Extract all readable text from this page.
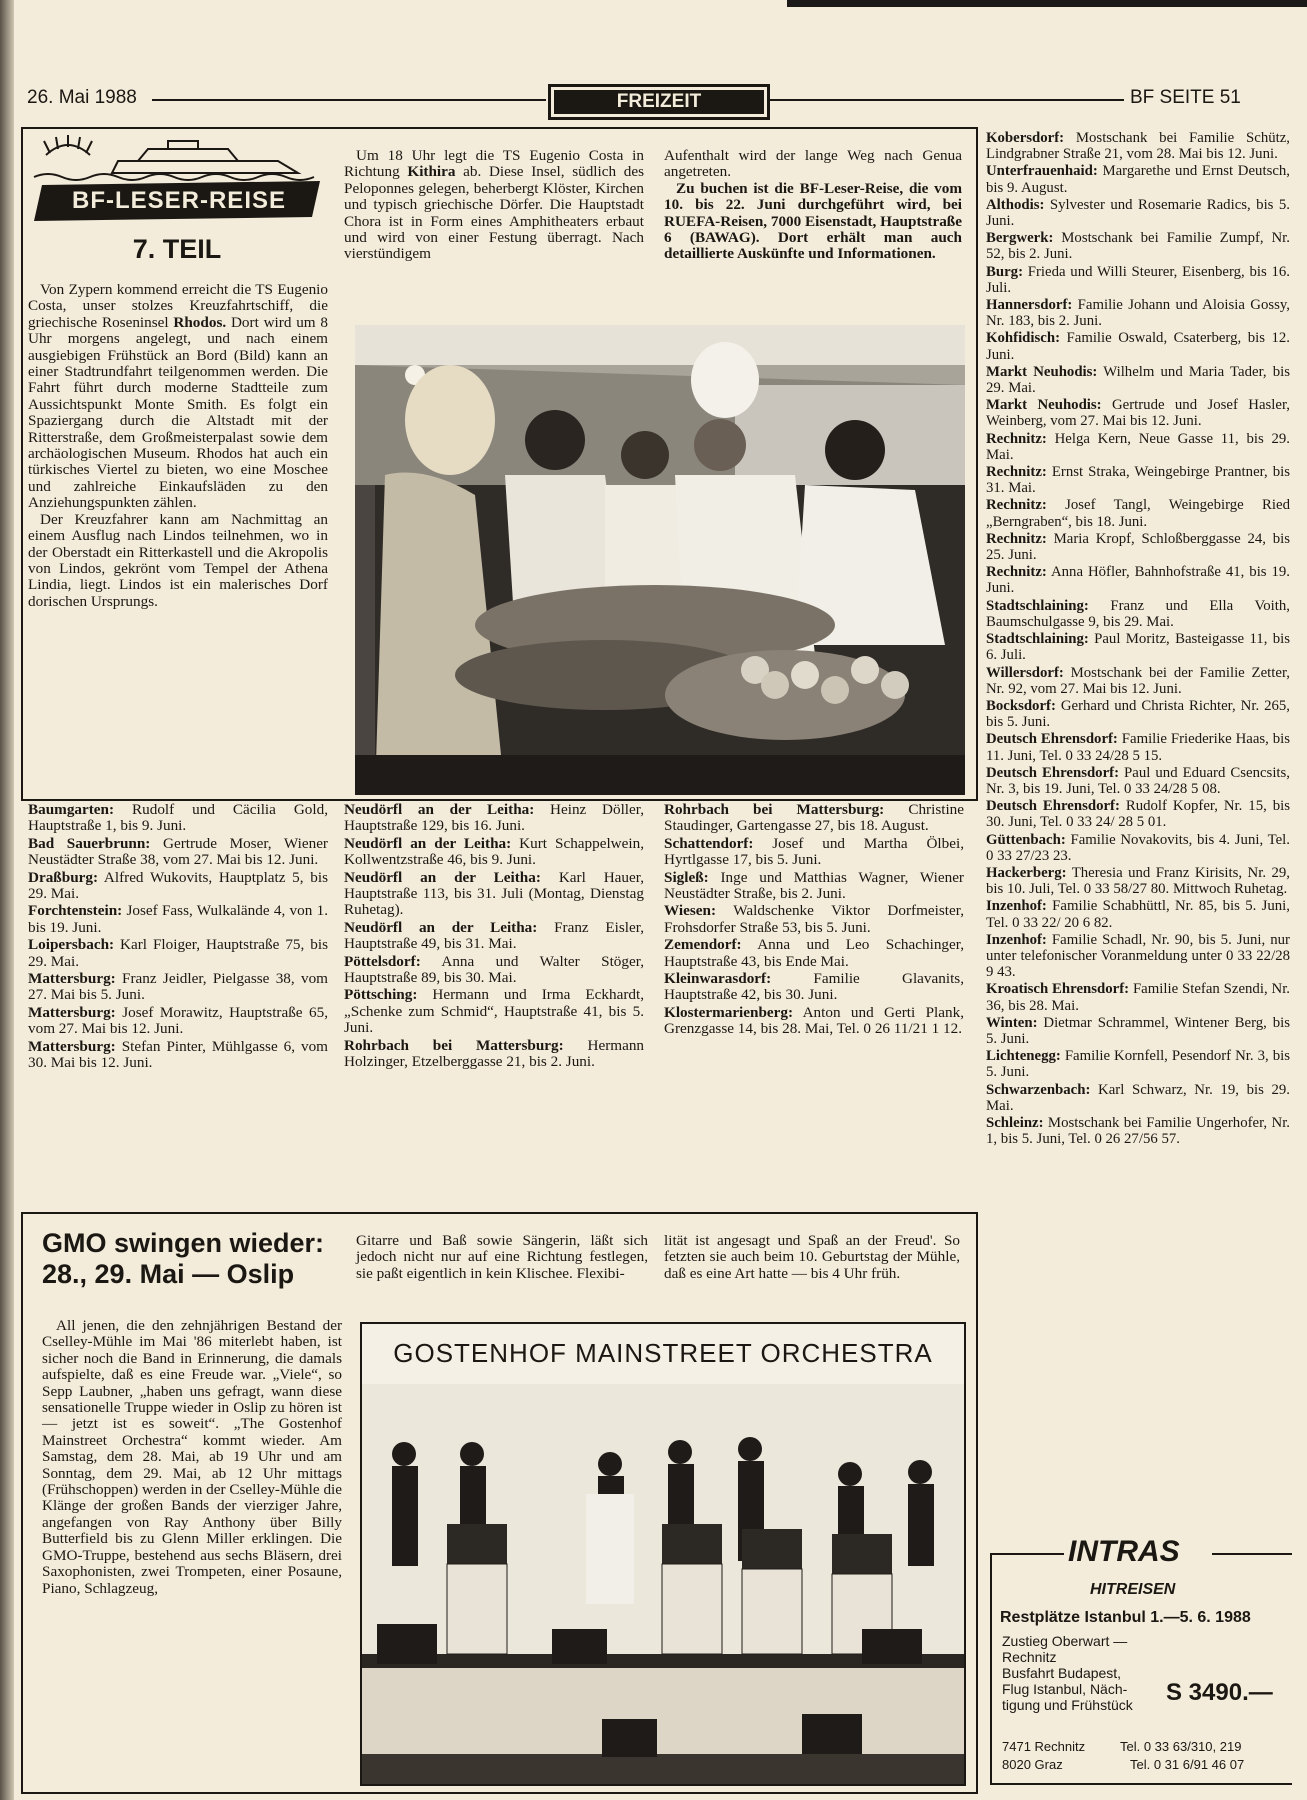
26. Mai 1988	FREIZEIT	BF SEITE 51
BF-LESER-REISE
7. TEIL

Von Zypern kommend erreicht die TS Eugenio Costa, unser stolzes Kreuzfahrtschiff, die griechische Roseninsel Rhodos. Dort wird um 8 Uhr morgens angelegt, und nach einem ausgiebigen Frühstück an Bord (Bild) kann an einer Stadtrundfahrt teilgenommen werden. Die Fahrt führt durch moderne Stadtteile zum Aussichtspunkt Monte Smith. Es folgt ein Spaziergang durch die Altstadt mit der Ritterstraße, dem Großmeisterpalast sowie dem archäologischen Museum. Rhodos hat auch ein türkisches Viertel zu bieten, wo eine Moschee und zahlreiche Einkaufsläden zu den Anziehungspunkten zählen.

Der Kreuzfahrer kann am Nachmittag an einem Ausflug nach Lindos teilnehmen, wo in der Oberstadt ein Ritterkastell und die Akropolis von Lindos, gekrönt vom Tempel der Athena Lindia, liegt. Lindos ist ein malerisches Dorf dorischen Ursprungs.

Um 18 Uhr legt die TS Eugenio Costa in Richtung Kithira ab. Diese Insel, südlich des Peloponnes gelegen, beherbergt Klöster, Kirchen und typisch griechische Dörfer. Die Hauptstadt Chora ist in Form eines Amphitheaters erbaut und wird von einer Festung überragt. Nach vierstündigem

Aufenthalt wird der lange Weg nach Genua angetreten.

Zu buchen ist die BF-Leser-Reise, die vom 10. bis 22. Juni durchgeführt wird, bei RUEFA-Reisen, 7000 Eisenstadt, Hauptstraße 6 (BAWAG). Dort erhält man auch detaillierte Auskünfte und Informationen.

Baumgarten: Rudolf und Cäcilia Gold, Hauptstraße 1, bis 9. Juni.
Bad Sauerbrunn: Gertrude Moser, Wiener Neustädter Straße 38, vom 27. Mai bis 12. Juni.
Draßburg: Alfred Wukovits, Hauptplatz 5, bis 29. Mai.
Forchtenstein: Josef Fass, Wulkalände 4, von 1. bis 19. Juni.
Loipersbach: Karl Floiger, Hauptstraße 75, bis 29. Mai.
Mattersburg: Franz Jeidler, Pielgasse 38, vom 27. Mai bis 5. Juni.
Mattersburg: Josef Morawitz, Hauptstraße 65, vom 27. Mai bis 12. Juni.
Mattersburg: Stefan Pinter, Mühlgasse 6, vom 30. Mai bis 12. Juni.
Neudörfl an der Leitha: Heinz Döller, Hauptstraße 129, bis 16. Juni.
Neudörfl an der Leitha: Kurt Schappelwein, Kollwentzstraße 46, bis 9. Juni.
Neudörfl an der Leitha: Karl Hauer, Hauptstraße 113, bis 31. Juli (Montag, Dienstag Ruhetag).
Neudörfl an der Leitha: Franz Eisler, Hauptstraße 49, bis 31. Mai.
Pöttelsdorf: Anna und Walter Stöger, Hauptstraße 89, bis 30. Mai.
Pöttsching: Hermann und Irma Eckhardt, „Schenke zum Schmid“, Hauptstraße 41, bis 5. Juni.
Rohrbach bei Mattersburg: Hermann Holzinger, Etzelberggasse 21, bis 2. Juni.
Rohrbach bei Mattersburg: Christine Staudinger, Gartengasse 27, bis 18. August.
Schattendorf: Josef und Martha Ölbei, Hyrtlgasse 17, bis 5. Juni.
Sigleß: Inge und Matthias Wagner, Wiener Neustädter Straße, bis 2. Juni.
Wiesen: Waldschenke Viktor Dorfmeister, Frohsdorfer Straße 53, bis 5. Juni.
Zemendorf: Anna und Leo Schachinger, Hauptstraße 43, bis Ende Mai.
Kleinwarasdorf: Familie Glavanits, Hauptstraße 42, bis 30. Juni.
Klostermarienberg: Anton und Gerti Plank, Grenzgasse 14, bis 28. Mai, Tel. 0 26 11/21 1 12.
Kobersdorf: Mostschank bei Familie Schütz, Lindgrabner Straße 21, vom 28. Mai bis 12. Juni.
Unterfrauenhaid: Margarethe und Ernst Deutsch, bis 9. August.
Althodis: Sylvester und Rosemarie Radics, bis 5. Juni.
Bergwerk: Mostschank bei Familie Zumpf, Nr. 52, bis 2. Juni.
Burg: Frieda und Willi Steurer, Eisenberg, bis 16. Juli.
Hannersdorf: Familie Johann und Aloisia Gossy, Nr. 183, bis 2. Juni.
Kohfidisch: Familie Oswald, Csaterberg, bis 12. Juni.
Markt Neuhodis: Wilhelm und Maria Tader, bis 29. Mai.
Markt Neuhodis: Gertrude und Josef Hasler, Weinberg, vom 27. Mai bis 12. Juni.
Rechnitz: Helga Kern, Neue Gasse 11, bis 29. Mai.
Rechnitz: Ernst Straka, Weingebirge Prantner, bis 31. Mai.
Rechnitz: Josef Tangl, Weingebirge Ried „Berngraben“, bis 18. Juni.
Rechnitz: Maria Kropf, Schloßberggasse 24, bis 25. Juni.
Rechnitz: Anna Höfler, Bahnhofstraße 41, bis 19. Juni.
Stadtschlaining: Franz und Ella Voith, Baumschulgasse 9, bis 29. Mai.
Stadtschlaining: Paul Moritz, Basteigasse 11, bis 6. Juli.
Willersdorf: Mostschank bei der Familie Zetter, Nr. 92, vom 27. Mai bis 12. Juni.
Bocksdorf: Gerhard und Christa Richter, Nr. 265, bis 5. Juni.
Deutsch Ehrensdorf: Familie Friederike Haas, bis 11. Juni, Tel. 0 33 24/28 5 15.
Deutsch Ehrensdorf: Paul und Eduard Csencsits, Nr. 3, bis 19. Juni, Tel. 0 33 24/28 5 08.
Deutsch Ehrensdorf: Rudolf Kopfer, Nr. 15, bis 30. Juni, Tel. 0 33 24/ 28 5 01.
Güttenbach: Familie Novakovits, bis 4. Juni, Tel. 0 33 27/23 23.
Hackerberg: Theresia und Franz Kirisits, Nr. 29, bis 10. Juli, Tel. 0 33 58/27 80. Mittwoch Ruhetag.
Inzenhof: Familie Schabhüttl, Nr. 85, bis 5. Juni, Tel. 0 33 22/ 20 6 82.
Inzenhof: Familie Schadl, Nr. 90, bis 5. Juni, nur unter telefonischer Voranmeldung unter 0 33 22/28 9 43.
Kroatisch Ehrensdorf: Familie Stefan Szendi, Nr. 36, bis 28. Mai.
Winten: Dietmar Schrammel, Wintener Berg, bis 5. Juni.
Lichtenegg: Familie Kornfell, Pesendorf Nr. 3, bis 5. Juni.
Schwarzenbach: Karl Schwarz, Nr. 19, bis 29. Mai.
Schleinz: Mostschank bei Familie Ungerhofer, Nr. 1, bis 5. Juni, Tel. 0 26 27/56 57.
GMO swingen wieder:
28., 29. Mai — Oslip
All jenen, die den zehnjährigen Bestand der Cselley-Mühle im Mai '86 miterlebt haben, ist sicher noch die Band in Erinnerung, die damals aufspielte, daß es eine Freude war. „Viele“, so Sepp Laubner, „haben uns gefragt, wann diese sensationelle Truppe wieder in Oslip zu hören ist — jetzt ist es soweit“. „The Gostenhof Mainstreet Orchestra“ kommt wieder. Am Samstag, dem 28. Mai, ab 19 Uhr und am Sonntag, dem 29. Mai, ab 12 Uhr mittags (Frühschoppen) werden in der Cselley-Mühle die Klänge der großen Bands der vierziger Jahre, angefangen von Ray Anthony über Billy Butterfield bis zu Glenn Miller erklingen. Die GMO-Truppe, bestehend aus sechs Bläsern, drei Saxophonisten, zwei Trompeten, einer Posaune, Piano, Schlagzeug,
Gitarre und Baß sowie Sängerin, läßt sich jedoch nicht nur auf eine Richtung festlegen, sie paßt eigentlich in kein Klischee. Flexibi-
lität ist angesagt und Spaß an der Freud'. So fetzten sie auch beim 10. Geburtstag der Mühle, daß es eine Art hatte — bis 4 Uhr früh.
GOSTENHOF MAINSTREET ORCHESTRA
INTRAS
HITREISEN
Restplätze Istanbul 1.—5. 6. 1988
Zustieg Oberwart — Rechnitz
Busfahrt Budapest,
Flug Istanbul, Näch-
tigung und Frühstück	S 3490.—
7471 Rechnitz	Tel. 0 33 63/310, 219
8020 Graz	Tel. 0 31 6/91 46 07
